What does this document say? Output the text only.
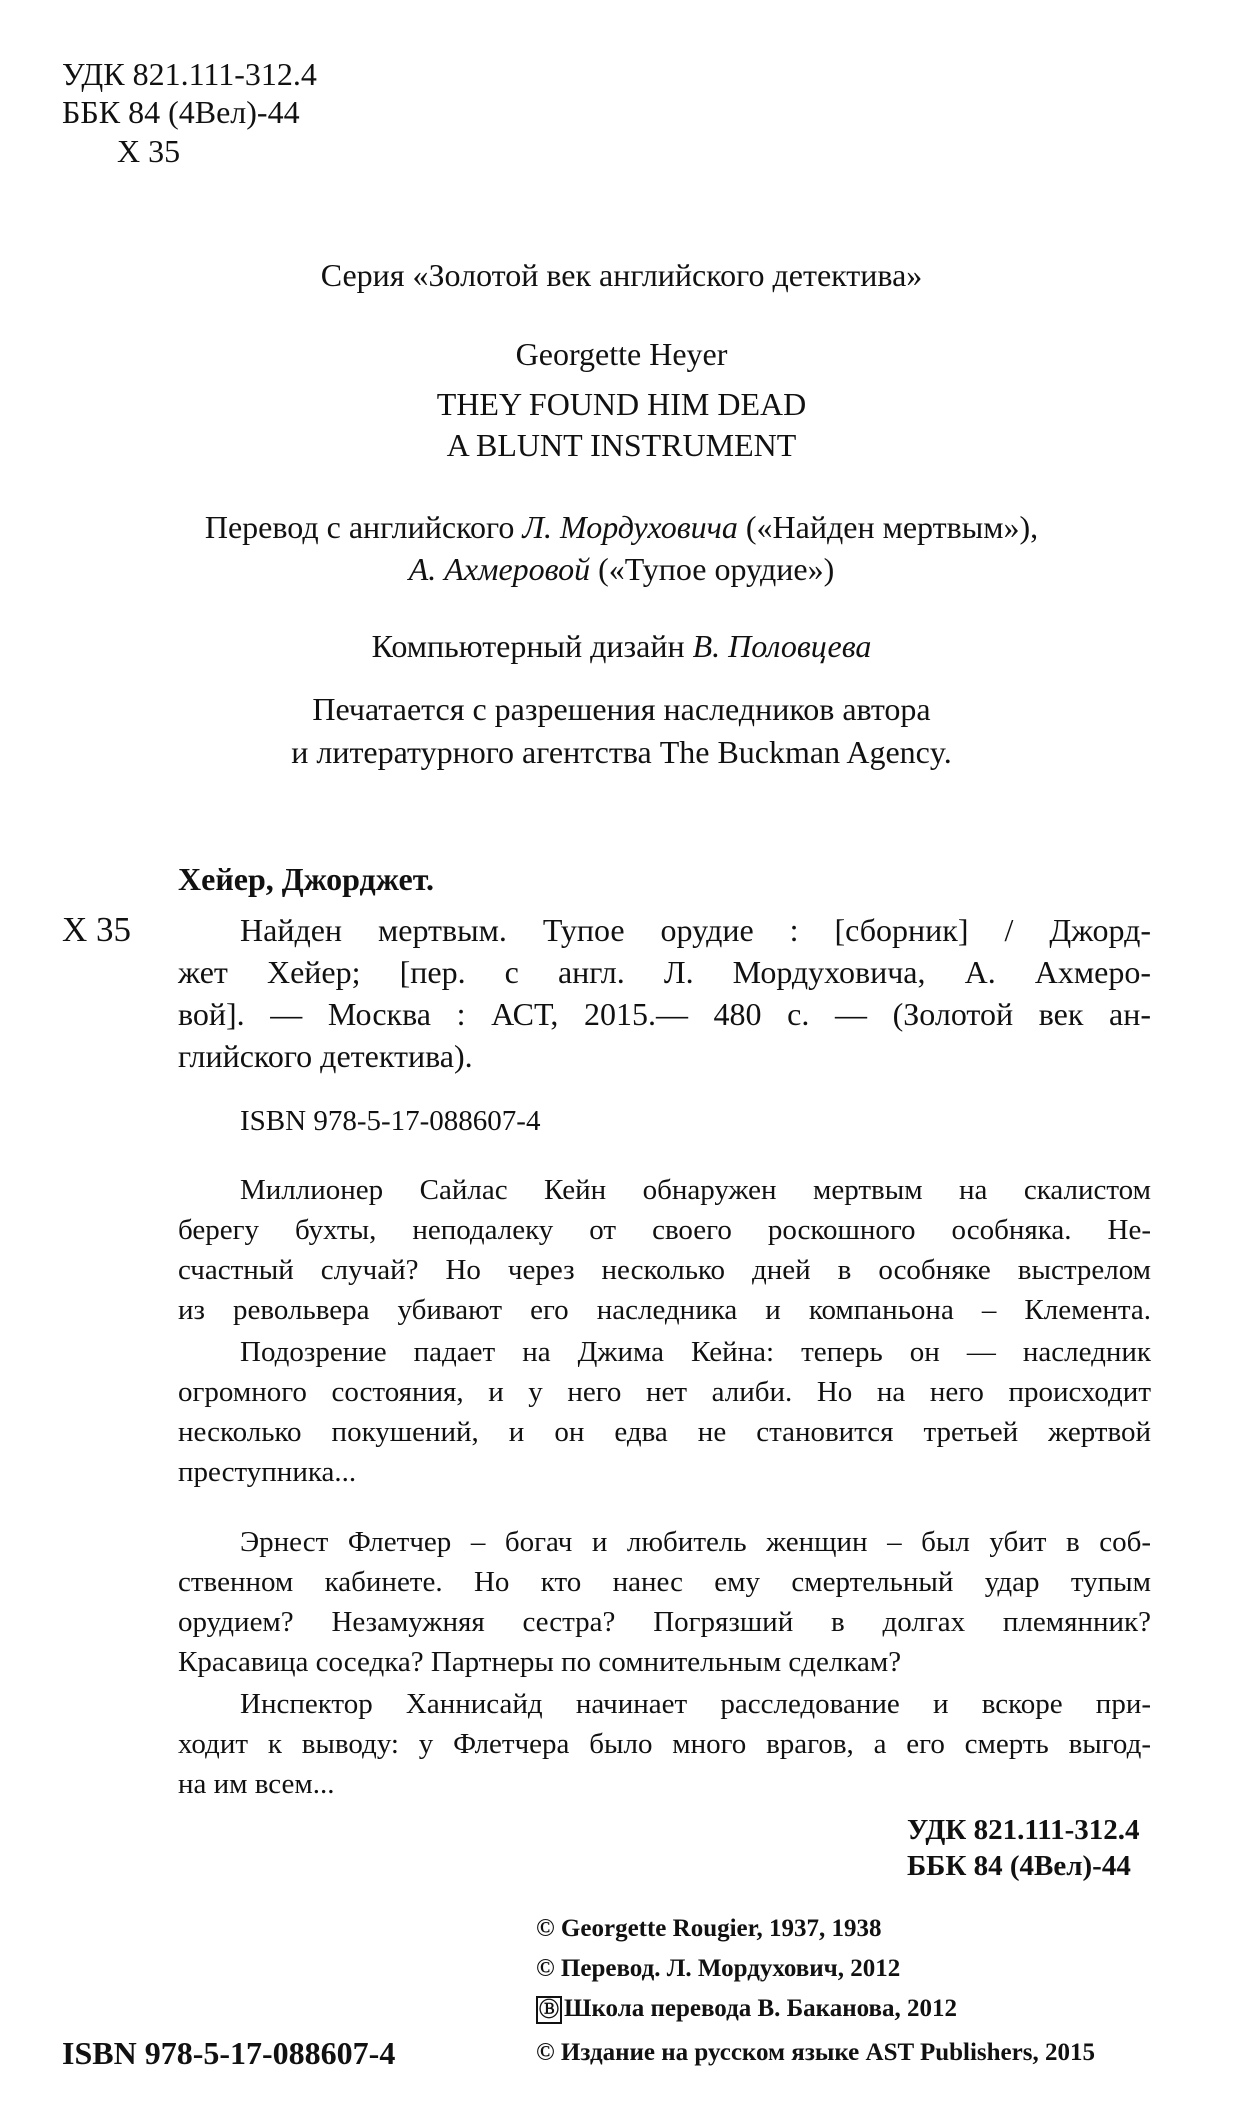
УДК 821.111-312.4
ББК 84 (4Вел)-44
Х 35
Серия «Золотой век английского детектива»
Georgette Heyer
THEY FOUND HIM DEAD
A BLUNT INSTRUMENT
Перевод с английского Л. Мордуховича («Найден мертвым»),
А. Ахмеровой («Тупое орудие»)
Компьютерный дизайн В. Половцева
Печатается с разрешения наследников автора
и литературного агентства The Buckman Agency.
Хейер, Джорджет.
Х 35	Найден мертвым. Тупое орудие : [сборник] / Джорд-
жет Хейер; [пер. с англ. Л. Мордуховича, А. Ахмеро-
вой]. — Москва : АСТ, 2015.— 480 с. — (Золотой век ан-
глийского детектива).
ISBN 978-5-17-088607-4
Миллионер Сайлас Кейн обнаружен мертвым на скалистом
берегу бухты, неподалеку от своего роскошного особняка. Не-
счастный случай? Но через несколько дней в особняке выстрелом
из револьвера убивают его наследника и компаньона – Клемента.
Подозрение падает на Джима Кейна: теперь он — наследник
огромного состояния, и у него нет алиби. Но на него происходит
несколько покушений, и он едва не становится третьей жертвой
преступника...
Эрнест Флетчер – богач и любитель женщин – был убит в соб-
ственном кабинете. Но кто нанес ему смертельный удар тупым
орудием? Незамужняя сестра? Погрязший в долгах племянник?
Красавица соседка? Партнеры по сомнительным сделкам?
Инспектор Ханнисайд начинает расследование и вскоре при-
ходит к выводу: у Флетчера было много врагов, а его смерть выгод-
на им всем...
УДК 821.111-312.4
ББК 84 (4Вел)-44
ISBN 978-5-17-088607-4
© Georgette Rougier, 1937, 1938
© Перевод. Л. Мордухович, 2012
Ⓑ Школа перевода В. Баканова, 2012
© Издание на русском языке AST Publishers, 2015
